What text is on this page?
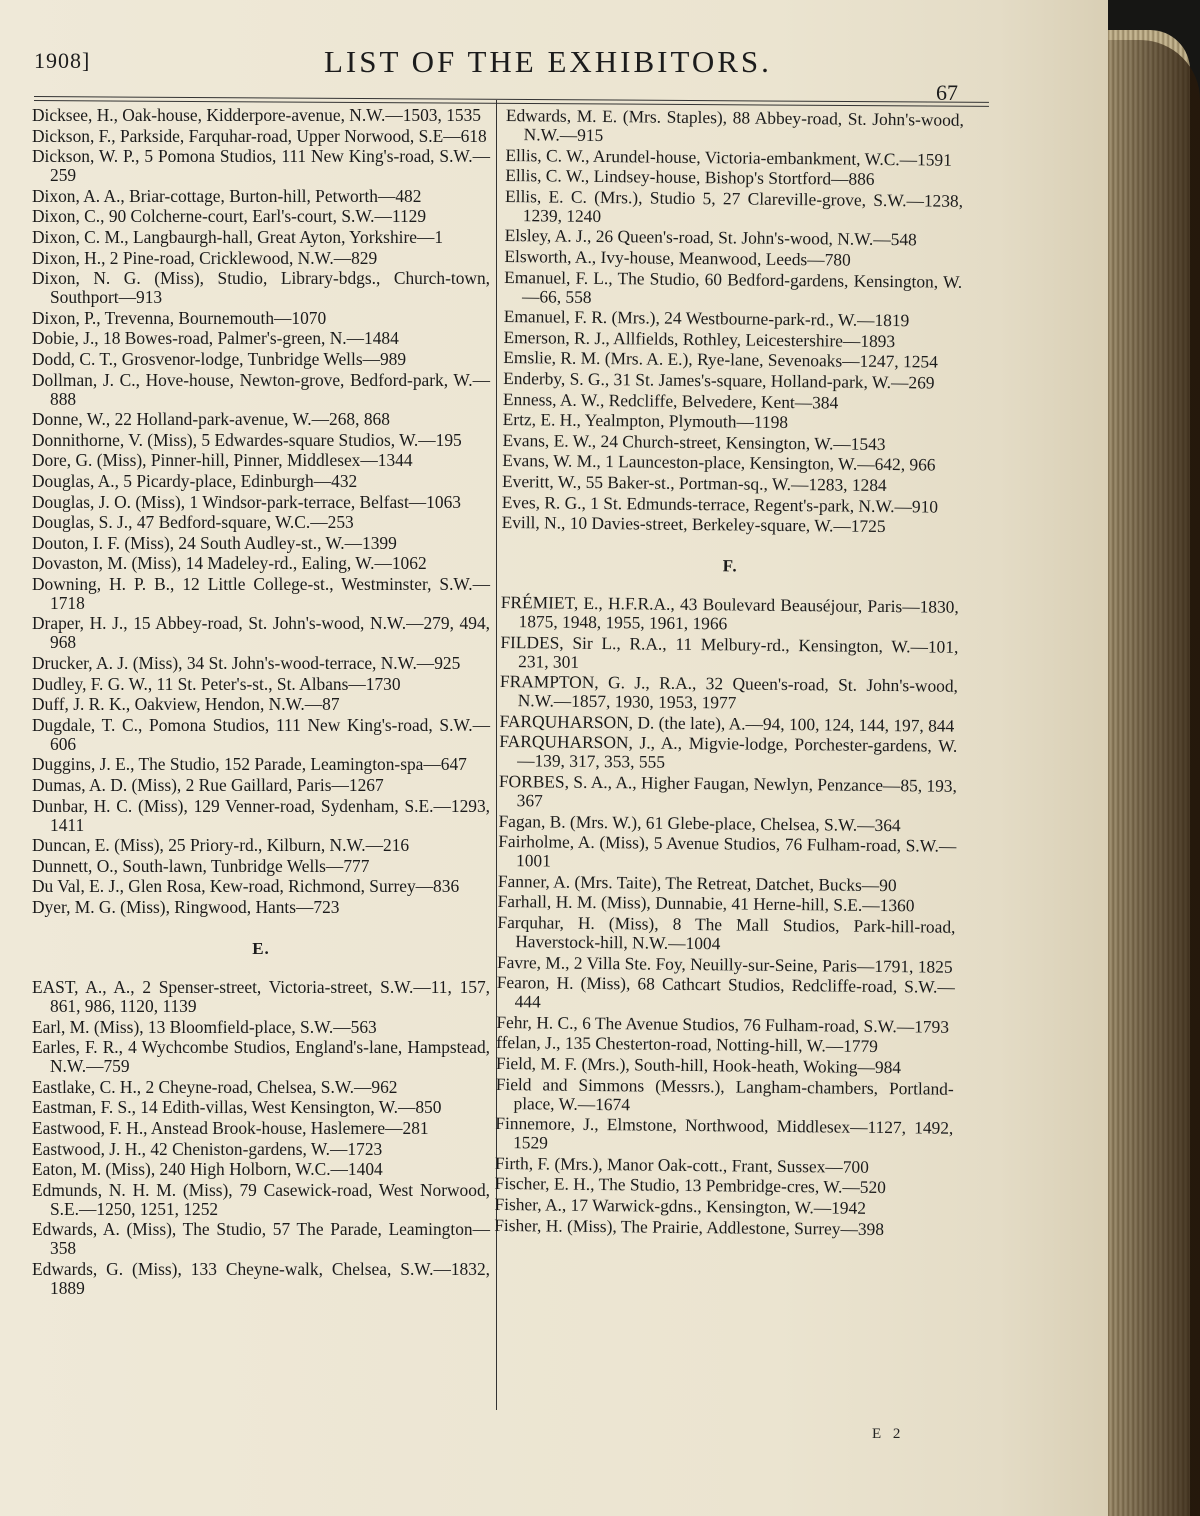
1908]	LIST OF THE EXHIBITORS.
67
Dicksee, H., Oak-house, Kidderpore-avenue, N.W.—1503, 1535
Dickson, F., Parkside, Farquhar-road, Upper Norwood, S.E—618
Dickson, W. P., 5 Pomona Studios, 111 New King's-road, S.W.—259
Dixon, A. A., Briar-cottage, Burton-hill, Petworth—482
Dixon, C., 90 Colcherne-court, Earl's-court, S.W.—1129
Dixon, C. M., Langbaurgh-hall, Great Ayton, Yorkshire—1
Dixon, H., 2 Pine-road, Cricklewood, N.W.—829
Dixon, N. G. (Miss), Studio, Library-bdgs., Church-town, Southport—913
Dixon, P., Trevenna, Bournemouth—1070
Dobie, J., 18 Bowes-road, Palmer's-green, N.—1484
Dodd, C. T., Grosvenor-lodge, Tunbridge Wells—989
Dollman, J. C., Hove-house, Newton-grove, Bedford-park, W.—888
Donne, W., 22 Holland-park-avenue, W.—268, 868
Donnithorne, V. (Miss), 5 Edwardes-square Studios, W.—195
Dore, G. (Miss), Pinner-hill, Pinner, Middlesex—1344
Douglas, A., 5 Picardy-place, Edinburgh—432
Douglas, J. O. (Miss), 1 Windsor-park-terrace, Belfast—1063
Douglas, S. J., 47 Bedford-square, W.C.—253
Douton, I. F. (Miss), 24 South Audley-st., W.—1399
Dovaston, M. (Miss), 14 Madeley-rd., Ealing, W.—1062
Downing, H. P. B., 12 Little College-st., Westminster, S.W.—1718
Draper, H. J., 15 Abbey-road, St. John's-wood, N.W.—279, 494, 968
Drucker, A. J. (Miss), 34 St. John's-wood-terrace, N.W.—925
Dudley, F. G. W., 11 St. Peter's-st., St. Albans—1730
Duff, J. R. K., Oakview, Hendon, N.W.—87
Dugdale, T. C., Pomona Studios, 111 New King's-road, S.W.—606
Duggins, J. E., The Studio, 152 Parade, Leamington-spa—647
Dumas, A. D. (Miss), 2 Rue Gaillard, Paris—1267
Dunbar, H. C. (Miss), 129 Venner-road, Sydenham, S.E.—1293, 1411
Duncan, E. (Miss), 25 Priory-rd., Kilburn, N.W.—216
Dunnett, O., South-lawn, Tunbridge Wells—777
Du Val, E. J., Glen Rosa, Kew-road, Richmond, Surrey—836
Dyer, M. G. (Miss), Ringwood, Hants—723
E.
EAST, A., A., 2 Spenser-street, Victoria-street, S.W.—11, 157, 861, 986, 1120, 1139
Earl, M. (Miss), 13 Bloomfield-place, S.W.—563
Earles, F. R., 4 Wychcombe Studios, England's-lane, Hampstead, N.W.—759
Eastlake, C. H., 2 Cheyne-road, Chelsea, S.W.—962
Eastman, F. S., 14 Edith-villas, West Kensington, W.—850
Eastwood, F. H., Anstead Brook-house, Haslemere—281
Eastwood, J. H., 42 Cheniston-gardens, W.—1723
Eaton, M. (Miss), 240 High Holborn, W.C.—1404
Edmunds, N. H. M. (Miss), 79 Casewick-road, West Norwood, S.E.—1250, 1251, 1252
Edwards, A. (Miss), The Studio, 57 The Parade, Leamington—358
Edwards, G. (Miss), 133 Cheyne-walk, Chelsea, S.W.—1832, 1889
Edwards, M. E. (Mrs. Staples), 88 Abbey-road, St. John's-wood, N.W.—915
Ellis, C. W., Arundel-house, Victoria-embankment, W.C.—1591
Ellis, C. W., Lindsey-house, Bishop's Stortford—886
Ellis, E. C. (Mrs.), Studio 5, 27 Clareville-grove, S.W.—1238, 1239, 1240
Elsley, A. J., 26 Queen's-road, St. John's-wood, N.W.—548
Elsworth, A., Ivy-house, Meanwood, Leeds—780
Emanuel, F. L., The Studio, 60 Bedford-gardens, Kensington, W.—66, 558
Emanuel, F. R. (Mrs.), 24 Westbourne-park-rd., W.—1819
Emerson, R. J., Allfields, Rothley, Leicestershire—1893
Emslie, R. M. (Mrs. A. E.), Rye-lane, Sevenoaks—1247, 1254
Enderby, S. G., 31 St. James's-square, Holland-park, W.—269
Enness, A. W., Redcliffe, Belvedere, Kent—384
Ertz, E. H., Yealmpton, Plymouth—1198
Evans, E. W., 24 Church-street, Kensington, W.—1543
Evans, W. M., 1 Launceston-place, Kensington, W.—642, 966
Everitt, W., 55 Baker-st., Portman-sq., W.—1283, 1284
Eves, R. G., 1 St. Edmunds-terrace, Regent's-park, N.W.—910
Evill, N., 10 Davies-street, Berkeley-square, W.—1725
F.
FRÉMIET, E., H.F.R.A., 43 Boulevard Beauséjour, Paris—1830, 1875, 1948, 1955, 1961, 1966
FILDES, Sir L., R.A., 11 Melbury-rd., Kensington, W.—101, 231, 301
FRAMPTON, G. J., R.A., 32 Queen's-road, St. John's-wood, N.W.—1857, 1930, 1953, 1977
FARQUHARSON, D. (the late), A.—94, 100, 124, 144, 197, 844
FARQUHARSON, J., A., Migvie-lodge, Porchester-gardens, W.—139, 317, 353, 555
FORBES, S. A., A., Higher Faugan, Newlyn, Penzance—85, 193, 367
Fagan, B. (Mrs. W.), 61 Glebe-place, Chelsea, S.W.—364
Fairholme, A. (Miss), 5 Avenue Studios, 76 Fulham-road, S.W.—1001
Fanner, A. (Mrs. Taite), The Retreat, Datchet, Bucks—90
Farhall, H. M. (Miss), Dunnabie, 41 Herne-hill, S.E.—1360
Farquhar, H. (Miss), 8 The Mall Studios, Park-hill-road, Haverstock-hill, N.W.—1004
Favre, M., 2 Villa Ste. Foy, Neuilly-sur-Seine, Paris—1791, 1825
Fearon, H. (Miss), 68 Cathcart Studios, Redcliffe-road, S.W.—444
Fehr, H. C., 6 The Avenue Studios, 76 Fulham-road, S.W.—1793
ffelan, J., 135 Chesterton-road, Notting-hill, W.—1779
Field, M. F. (Mrs.), South-hill, Hook-heath, Woking—984
Field and Simmons (Messrs.), Langham-chambers, Portland-place, W.—1674
Finnemore, J., Elmstone, Northwood, Middlesex—1127, 1492, 1529
Firth, F. (Mrs.), Manor Oak-cott., Frant, Sussex—700
Fischer, E. H., The Studio, 13 Pembridge-cres, W.—520
Fisher, A., 17 Warwick-gdns., Kensington, W.—1942
Fisher, H. (Miss), The Prairie, Addlestone, Surrey—398
E 2
